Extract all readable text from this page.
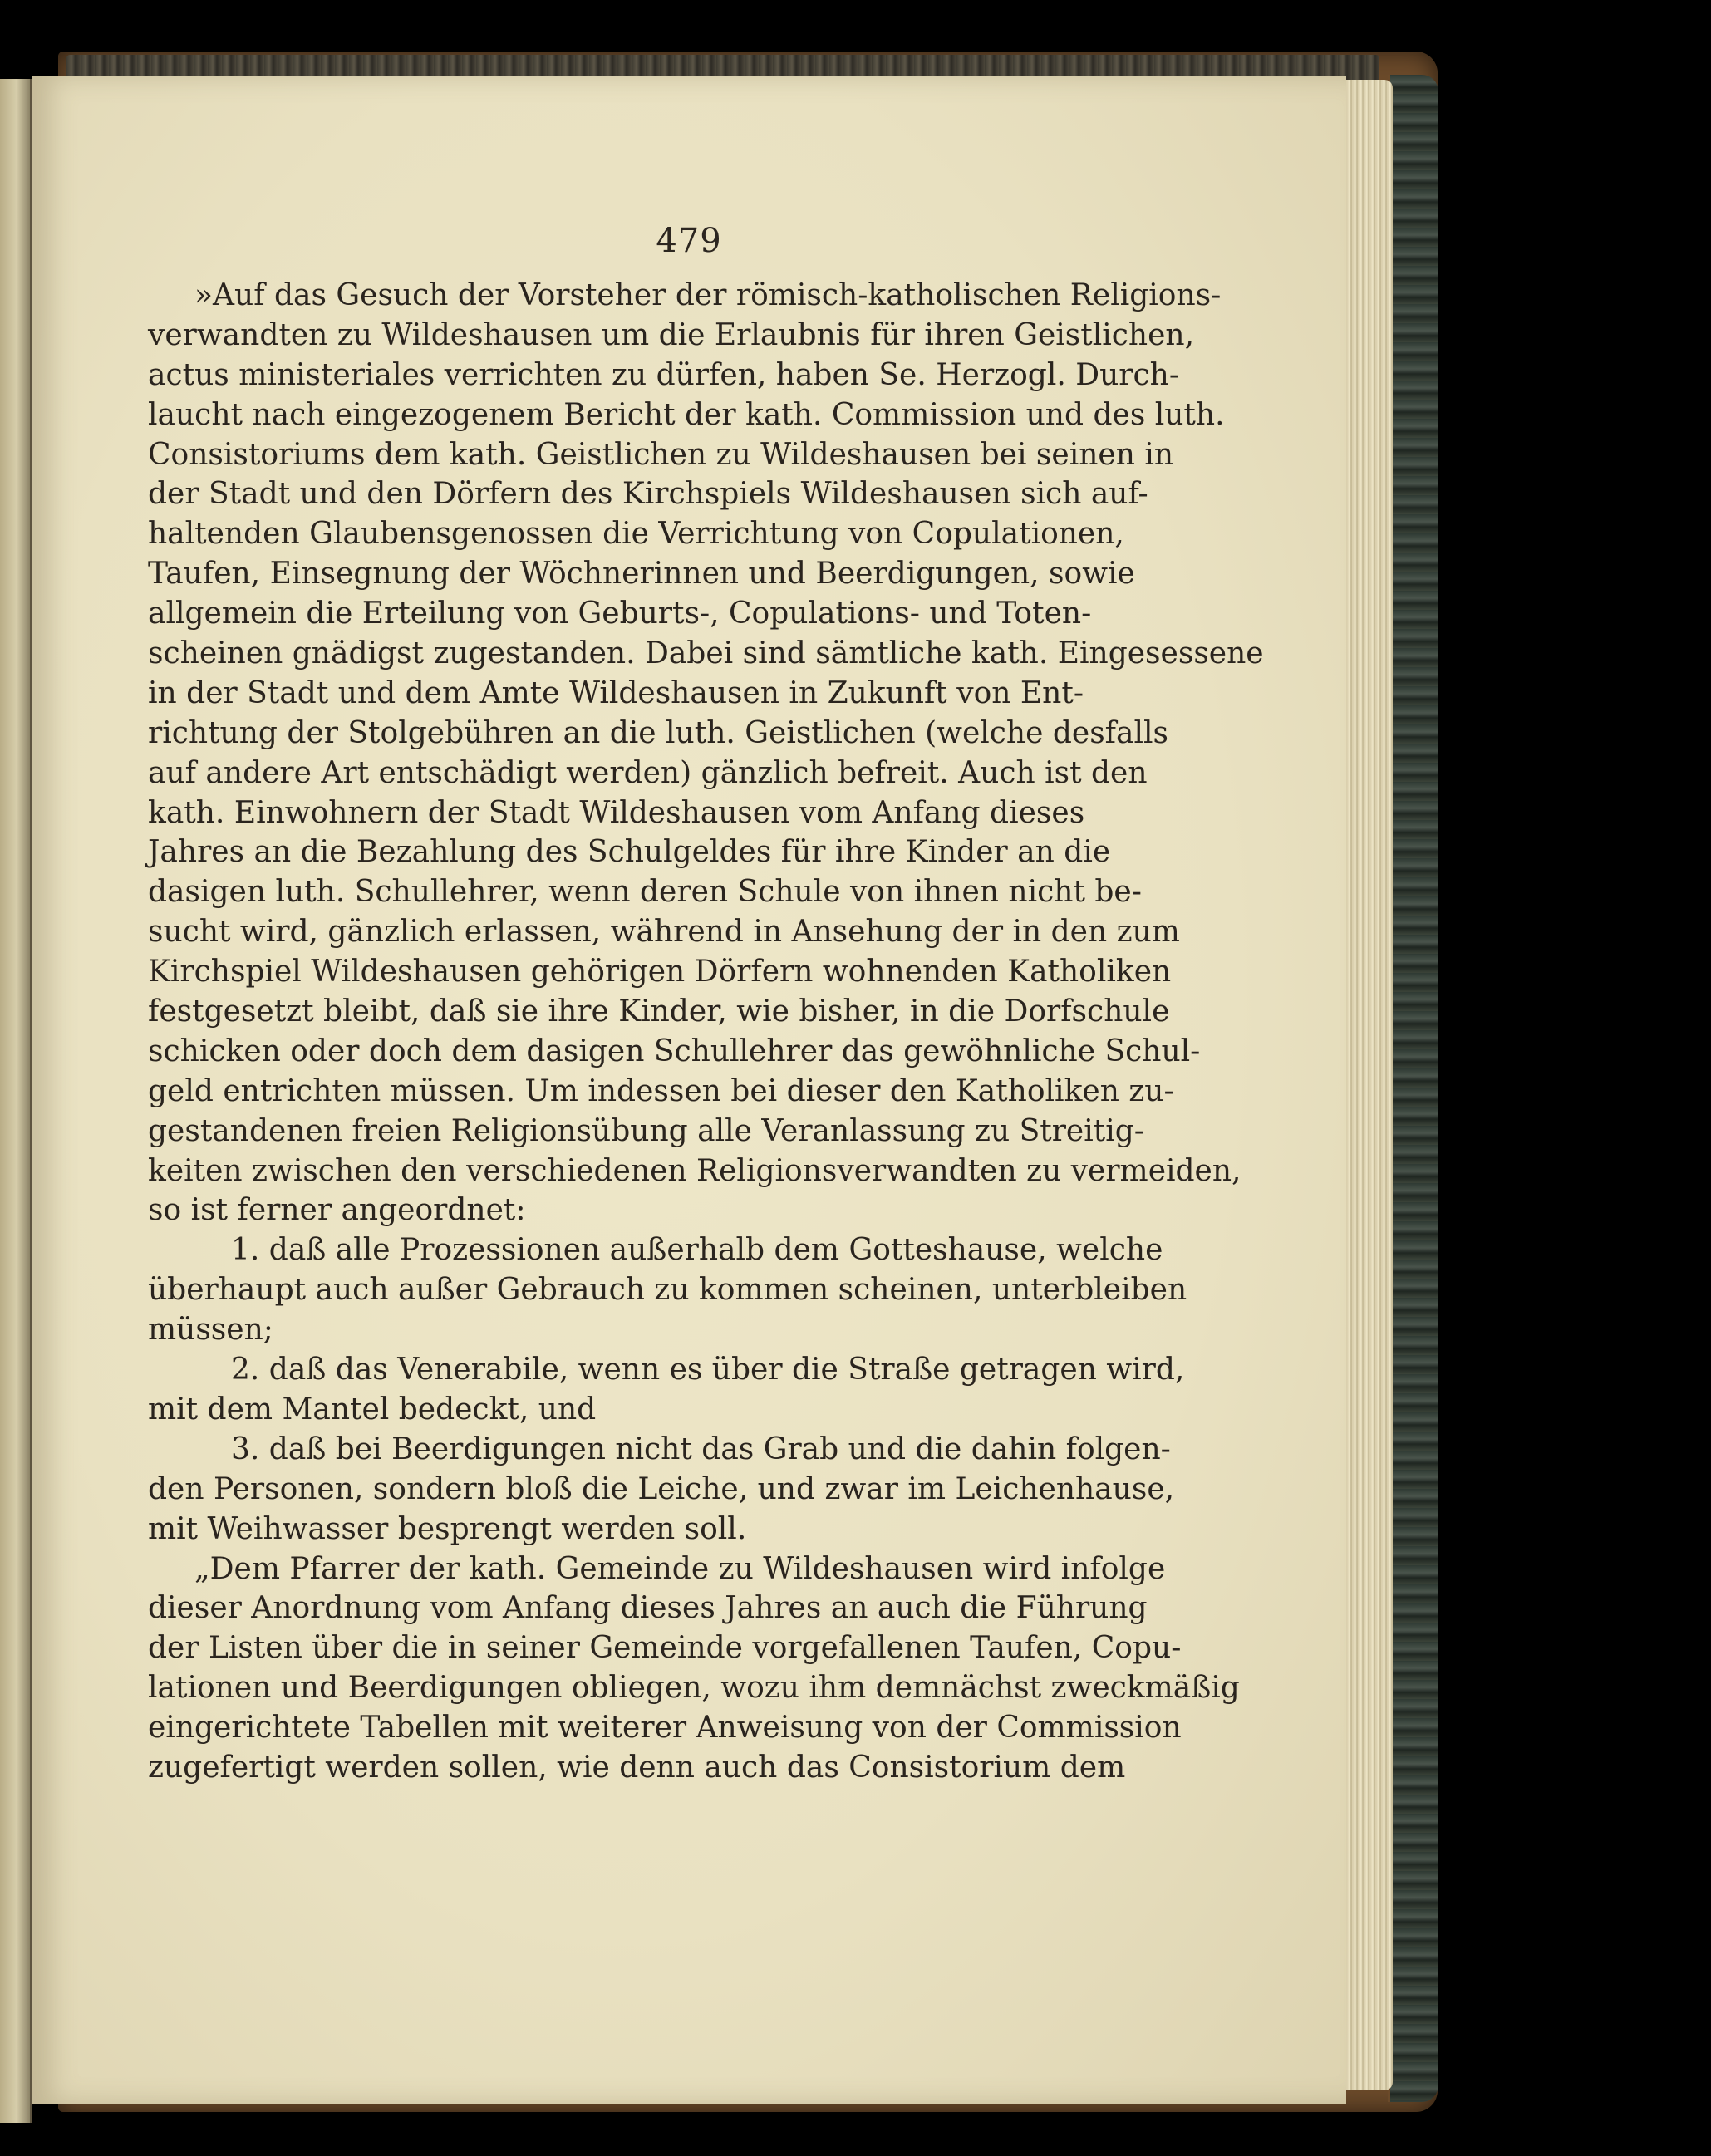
479
»Auf das Gesuch der Vorsteher der römisch-katholischen Religions-
verwandten zu Wildeshausen um die Erlaubnis für ihren Geistlichen,
actus ministeriales verrichten zu dürfen, haben Se. Herzogl. Durch-
laucht nach eingezogenem Bericht der kath. Commission und des luth.
Consistoriums dem kath. Geistlichen zu Wildeshausen bei seinen in
der Stadt und den Dörfern des Kirchspiels Wildeshausen sich auf-
haltenden Glaubensgenossen die Verrichtung von Copulationen,
Taufen, Einsegnung der Wöchnerinnen und Beerdigungen, sowie
allgemein die Erteilung von Geburts-, Copulations- und Toten-
scheinen gnädigst zugestanden. Dabei sind sämtliche kath. Eingesessene
in der Stadt und dem Amte Wildeshausen in Zukunft von Ent-
richtung der Stolgebühren an die luth. Geistlichen (welche desfalls
auf andere Art entschädigt werden) gänzlich befreit. Auch ist den
kath. Einwohnern der Stadt Wildeshausen vom Anfang dieses
Jahres an die Bezahlung des Schulgeldes für ihre Kinder an die
dasigen luth. Schullehrer, wenn deren Schule von ihnen nicht be-
sucht wird, gänzlich erlassen, während in Ansehung der in den zum
Kirchspiel Wildeshausen gehörigen Dörfern wohnenden Katholiken
festgesetzt bleibt, daß sie ihre Kinder, wie bisher, in die Dorfschule
schicken oder doch dem dasigen Schullehrer das gewöhnliche Schul-
geld entrichten müssen. Um indessen bei dieser den Katholiken zu-
gestandenen freien Religionsübung alle Veranlassung zu Streitig-
keiten zwischen den verschiedenen Religionsverwandten zu vermeiden,
so ist ferner angeordnet:
1. daß alle Prozessionen außerhalb dem Gotteshause, welche
überhaupt auch außer Gebrauch zu kommen scheinen, unterbleiben
müssen;
2. daß das Venerabile, wenn es über die Straße getragen wird,
mit dem Mantel bedeckt, und
3. daß bei Beerdigungen nicht das Grab und die dahin folgen-
den Personen, sondern bloß die Leiche, und zwar im Leichenhause,
mit Weihwasser besprengt werden soll.
„Dem Pfarrer der kath. Gemeinde zu Wildeshausen wird infolge
dieser Anordnung vom Anfang dieses Jahres an auch die Führung
der Listen über die in seiner Gemeinde vorgefallenen Taufen, Copu-
lationen und Beerdigungen obliegen, wozu ihm demnächst zweckmäßig
eingerichtete Tabellen mit weiterer Anweisung von der Commission
zugefertigt werden sollen, wie denn auch das Consistorium dem
